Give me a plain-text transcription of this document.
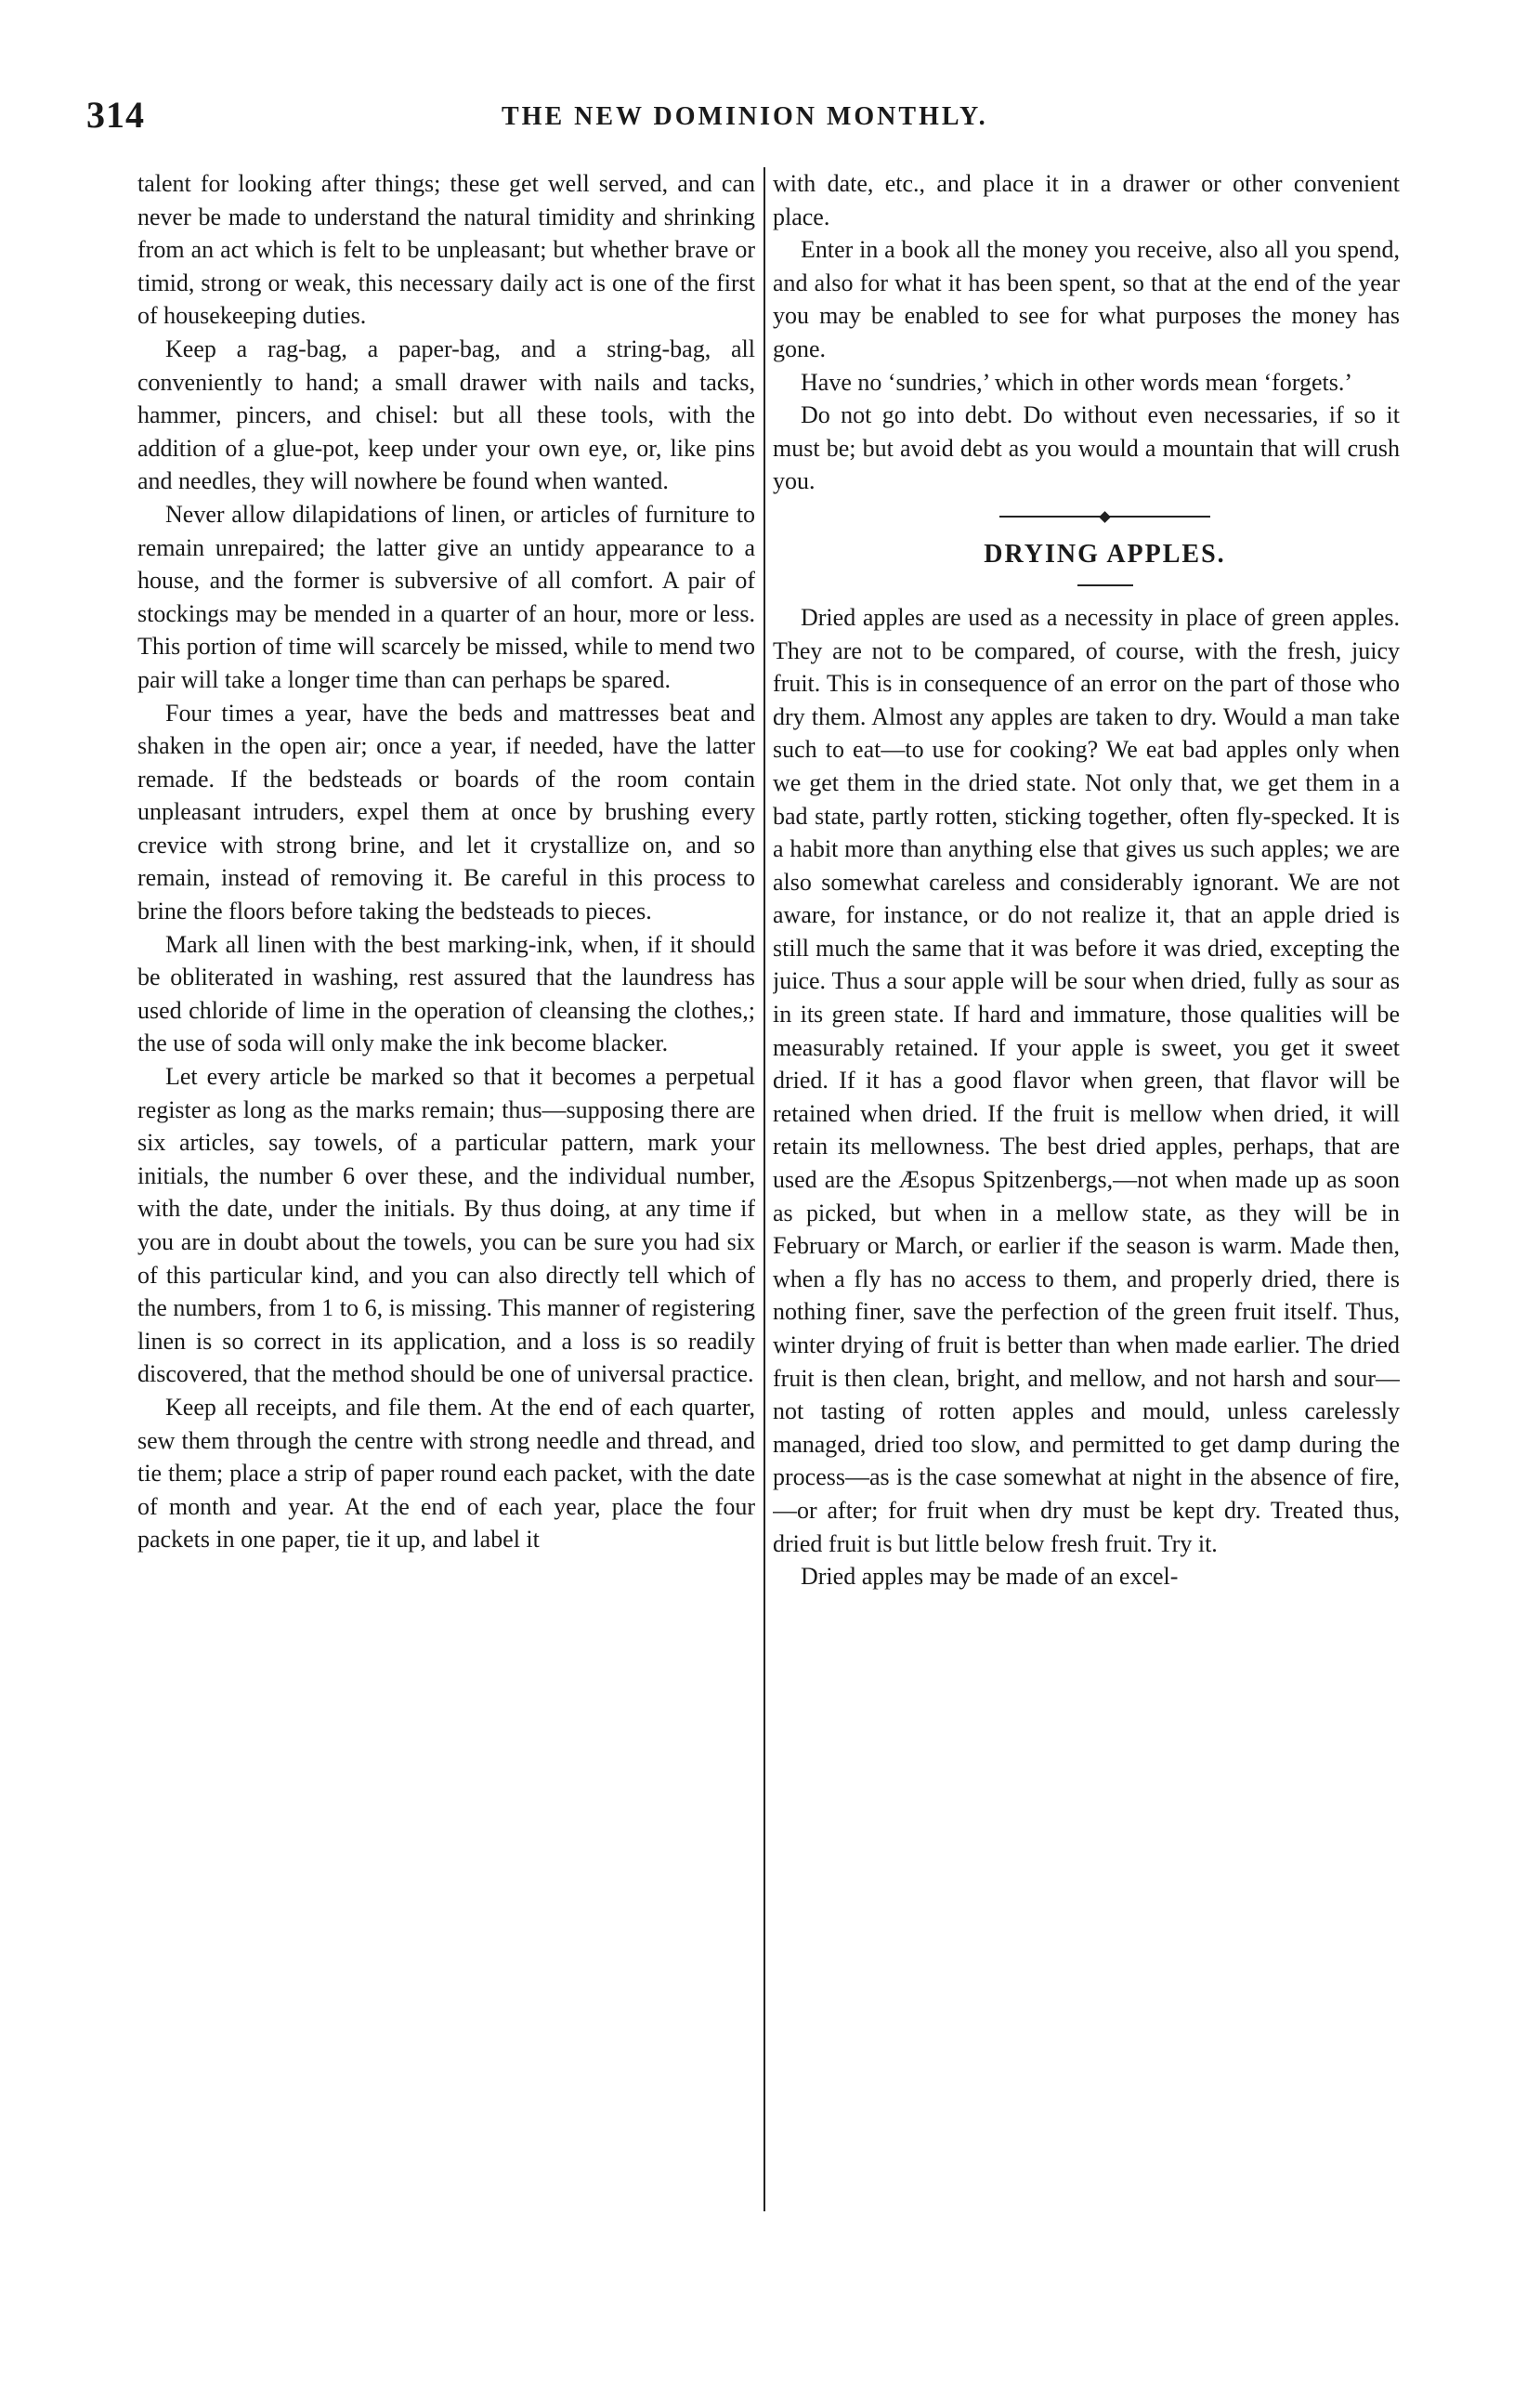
314	THE NEW DOMINION MONTHLY.

talent for looking after things; these get well served, and can never be made to understand the natural timidity and shrinking from an act which is felt to be unpleasant; but whether brave or timid, strong or weak, this necessary daily act is one of the first of housekeeping duties.

Keep a rag-bag, a paper-bag, and a string-bag, all conveniently to hand; a small drawer with nails and tacks, hammer, pincers, and chisel: but all these tools, with the addition of a glue-pot, keep under your own eye, or, like pins and needles, they will nowhere be found when wanted.

Never allow dilapidations of linen, or articles of furniture to remain unrepaired; the latter give an untidy appearance to a house, and the former is subversive of all comfort. A pair of stockings may be mended in a quarter of an hour, more or less. This portion of time will scarcely be missed, while to mend two pair will take a longer time than can perhaps be spared.

Four times a year, have the beds and mattresses beat and shaken in the open air; once a year, if needed, have the latter remade. If the bedsteads or boards of the room contain unpleasant intruders, expel them at once by brushing every crevice with strong brine, and let it crystallize on, and so remain, instead of removing it. Be careful in this process to brine the floors before taking the bedsteads to pieces.

Mark all linen with the best marking-ink, when, if it should be obliterated in washing, rest assured that the laundress has used chloride of lime in the operation of cleansing the clothes,; the use of soda will only make the ink become blacker.

Let every article be marked so that it becomes a perpetual register as long as the marks remain; thus—supposing there are six articles, say towels, of a particular pattern, mark your initials, the number 6 over these, and the individual number, with the date, under the initials. By thus doing, at any time if you are in doubt about the towels, you can be sure you had six of this particular kind, and you can also directly tell which of the numbers, from 1 to 6, is missing. This manner of registering linen is so correct in its application, and a loss is so readily discovered, that the method should be one of universal practice.

Keep all receipts, and file them. At the end of each quarter, sew them through the centre with strong needle and thread, and tie them; place a strip of paper round each packet, with the date of month and year. At the end of each year, place the four packets in one paper, tie it up, and label it

with date, etc., and place it in a drawer or other convenient place.

Enter in a book all the money you receive, also all you spend, and also for what it has been spent, so that at the end of the year you may be enabled to see for what purposes the money has gone.

Have no ‘sundries,’ which in other words mean ‘forgets.’

Do not go into debt. Do without even necessaries, if so it must be; but avoid debt as you would a mountain that will crush you.

DRYING APPLES.

Dried apples are used as a necessity in place of green apples. They are not to be compared, of course, with the fresh, juicy fruit. This is in consequence of an error on the part of those who dry them. Almost any apples are taken to dry. Would a man take such to eat—to use for cooking? We eat bad apples only when we get them in the dried state. Not only that, we get them in a bad state, partly rotten, sticking together, often fly-specked. It is a habit more than anything else that gives us such apples; we are also somewhat careless and considerably ignorant. We are not aware, for instance, or do not realize it, that an apple dried is still much the same that it was before it was dried, excepting the juice. Thus a sour apple will be sour when dried, fully as sour as in its green state. If hard and immature, those qualities will be measurably retained. If your apple is sweet, you get it sweet dried. If it has a good flavor when green, that flavor will be retained when dried. If the fruit is mellow when dried, it will retain its mellowness. The best dried apples, perhaps, that are used are the Æsopus Spitzenbergs,—not when made up as soon as picked, but when in a mellow state, as they will be in February or March, or earlier if the season is warm. Made then, when a fly has no access to them, and properly dried, there is nothing finer, save the perfection of the green fruit itself. Thus, winter drying of fruit is better than when made earlier. The dried fruit is then clean, bright, and mellow, and not harsh and sour—not tasting of rotten apples and mould, unless carelessly managed, dried too slow, and permitted to get damp during the process—as is the case somewhat at night in the absence of fire,—or after; for fruit when dry must be kept dry. Treated thus, dried fruit is but little below fresh fruit. Try it.

Dried apples may be made of an excel-
